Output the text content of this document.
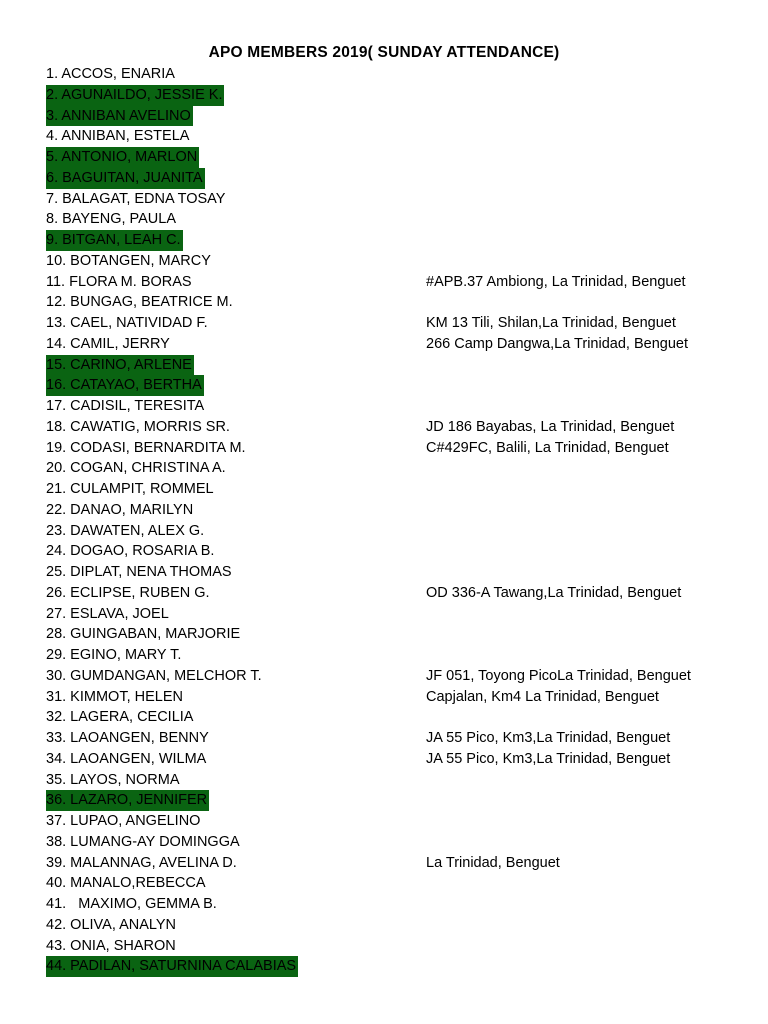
APO MEMBERS 2019( SUNDAY ATTENDANCE)
1. ACCOS, ENARIA
2. AGUNAILDO, JESSIE K.
3. ANNIBAN AVELINO
4. ANNIBAN, ESTELA
5. ANTONIO, MARLON
6. BAGUITAN, JUANITA
7. BALAGAT, EDNA TOSAY
8. BAYENG, PAULA
9. BITGAN, LEAH C.
10. BOTANGEN, MARCY
11. FLORA M. BORAS	#APB.37 Ambiong, La Trinidad, Benguet
12. BUNGAG, BEATRICE M.
13. CAEL, NATIVIDAD F.	KM 13 Tili, Shilan,La Trinidad, Benguet
14. CAMIL, JERRY	266 Camp Dangwa,La Trinidad, Benguet
15. CARINO, ARLENE
16. CATAYAO, BERTHA
17. CADISIL, TERESITA
18. CAWATIG, MORRIS SR.	JD 186 Bayabas, La Trinidad, Benguet
19. CODASI, BERNARDITA M.	C#429FC, Balili, La Trinidad, Benguet
20. COGAN, CHRISTINA A.
21. CULAMPIT, ROMMEL
22. DANAO, MARILYN
23. DAWATEN, ALEX G.
24. DOGAO, ROSARIA B.
25. DIPLAT, NENA THOMAS
26. ECLIPSE, RUBEN G.	OD 336-A Tawang,La Trinidad, Benguet
27. ESLAVA, JOEL
28. GUINGABAN, MARJORIE
29. EGINO, MARY T.
30. GUMDANGAN, MELCHOR T.	JF 051, Toyong PicoLa Trinidad, Benguet
31. KIMMOT, HELEN	Capjalan, Km4 La Trinidad, Benguet
32. LAGERA, CECILIA
33. LAOANGEN, BENNY	JA 55 Pico, Km3,La Trinidad, Benguet
34. LAOANGEN, WILMA	JA 55 Pico, Km3,La Trinidad, Benguet
35. LAYOS, NORMA
36. LAZARO, JENNIFER
37. LUPAO, ANGELINO
38. LUMANG-AY DOMINGGA
39. MALANNAG, AVELINA D.	La Trinidad, Benguet
40. MANALO,REBECCA
41.   MAXIMO, GEMMA B.
42. OLIVA, ANALYN
43. ONIA, SHARON
44. PADILAN, SATURNINA CALABIAS
